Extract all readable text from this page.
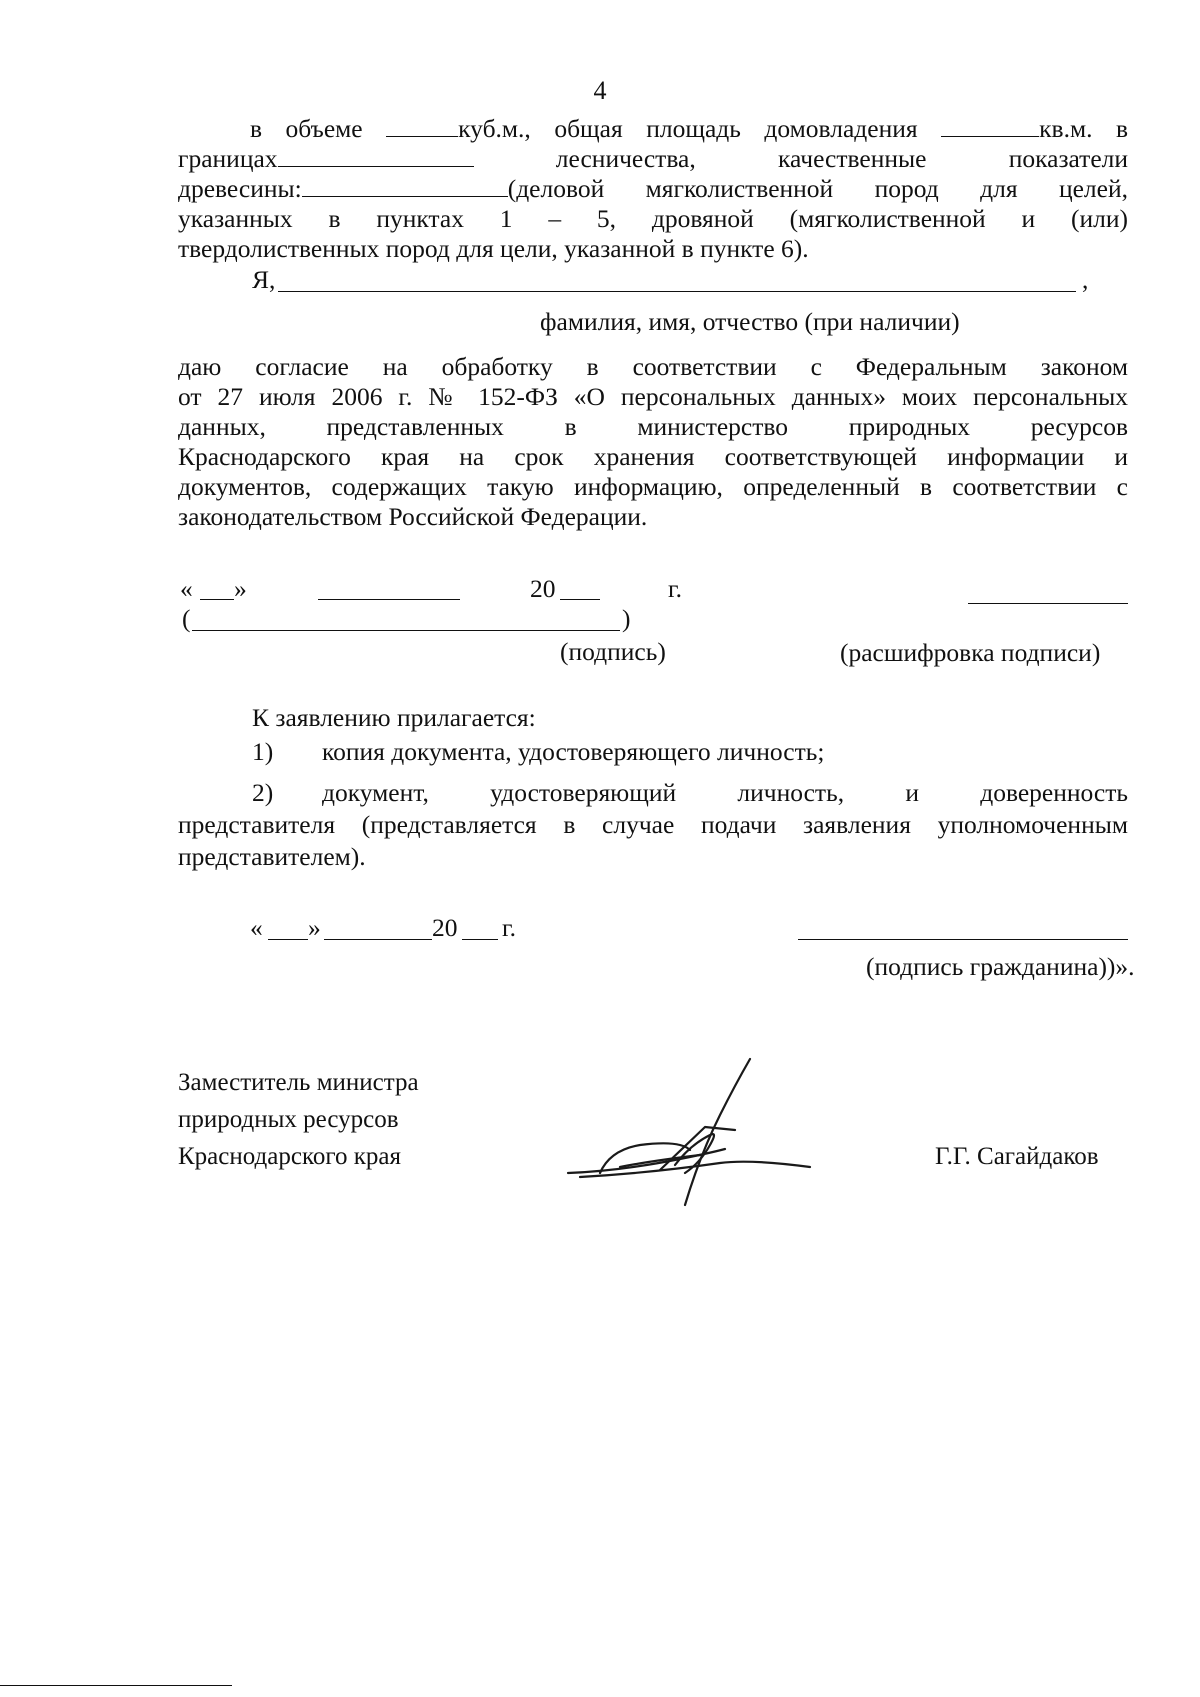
4
в объеме	куб.м., общая площадь домовладения	кв.м. в
границах	лесничества,	качественные	показатели
древесины:	(деловой мягколиственной пород для целей,
указанных в пунктах 1 – 5, дровяной (мягколиственной и (или)
твердолиственных пород для цели, указанной в пункте 6).
Я,	,
фамилия, имя, отчество (при наличии)
даю согласие на обработку в соответствии с Федеральным законом
от 27 июля 2006 г. № 152-ФЗ «О персональных данных» моих персональных
данных, представленных в министерство природных ресурсов
Краснодарского края на срок хранения соответствующей информации и
документов, содержащих такую информацию, определенный в соответствии с
законодательством Российской Федерации.
« »	20	г.
(	)
(подпись)	(расшифровка подписи)
К заявлению прилагается:
1) копия документа, удостоверяющего личность;
2) документ, удостоверяющий личность, и доверенность
представителя (представляется в случае подачи заявления уполномоченным
представителем).
« »	20 г.
(подпись гражданина))».
Заместитель министра
природных ресурсов
Краснодарского края	Г.Г. Сагайдаков
